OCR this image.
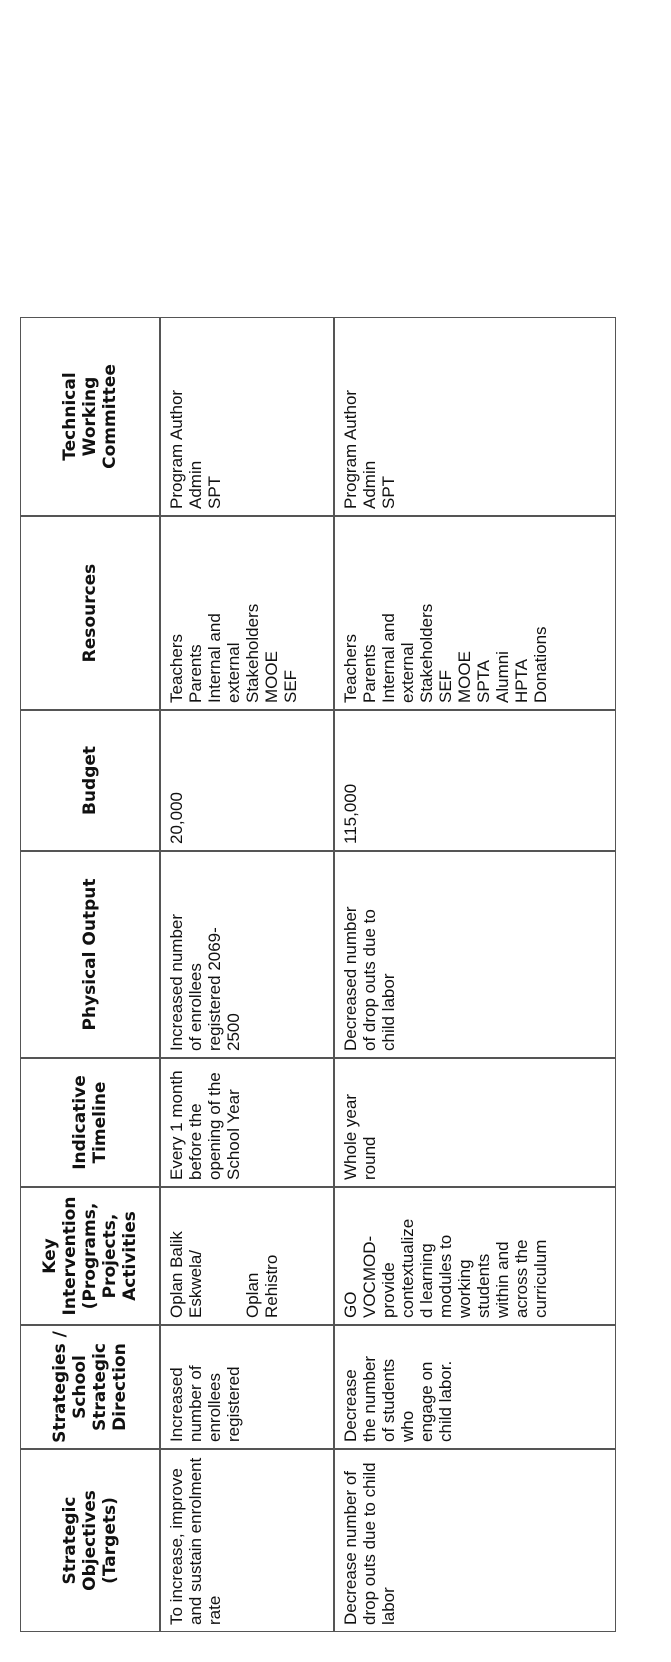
Strategic Objectives
(Targets)
Strategies /
School
Strategic
Direction
Key
Intervention
(Programs,
Projects,
Activities
Indicative
Timeline
Physical Output
Budget
Resources
Technical
Working
Committee
To increase, improve and sustain enrolment rate
Increased
number of
enrollees
registered
Oplan Balik
Eskwela/

Oplan
Rehistro
Every 1 month
before the
opening of the
School Year
Increased number
of enrollees
registered 2069-
2500
20,000
Teachers
Parents
Internal and
external
Stakeholders
MOOE
SEF
Program Author
Admin
SPT
Decrease number of drop outs due to child labor
Decrease
the number
of students
who
engage on
child labor.
GO
VOCMOD-
provide
contextualize
d learning
modules to
working
students
within and
across the
curriculum
Whole year
round
Decreased number
of drop outs due to
child labor
115,000
Teachers
Parents
Internal and
external
Stakeholders
SEF
MOOE
SPTA
Alumni
HPTA
Donations
Program Author
Admin
SPT
